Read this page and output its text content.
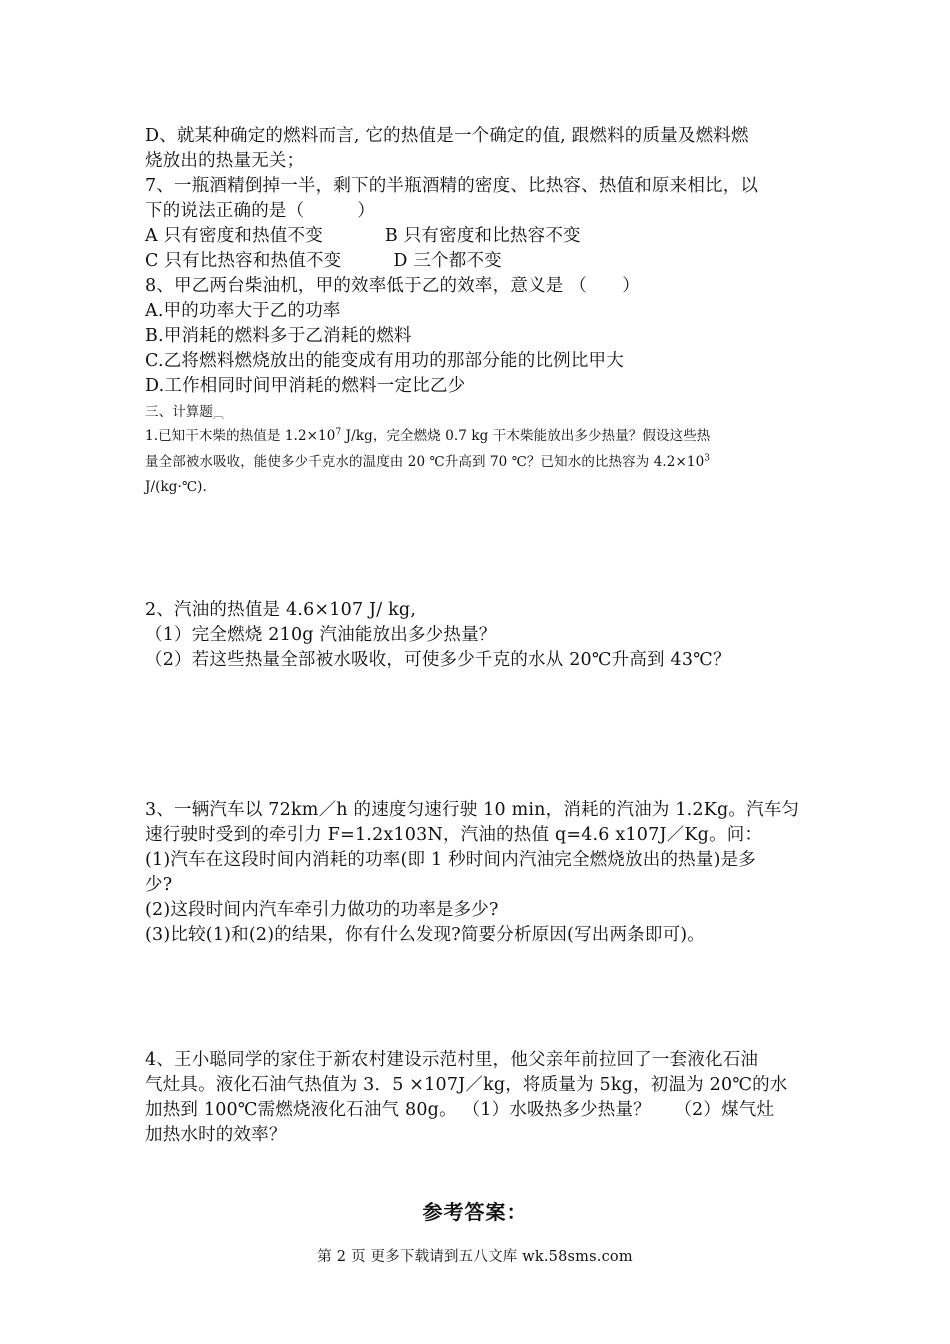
D、就某种确定的燃料而言, 它的热值是一个确定的值, 跟燃料的质量及燃料燃
烧放出的热量无关；
7、一瓶酒精倒掉一半，剩下的半瓶酒精的密度、比热容、热值和原来相比，以
下的说法正确的是（　　　）
A 只有密度和热值不变	B 只有密度和比热容不变
C 只有比热容和热值不变	D 三个都不变
8、甲乙两台柴油机，甲的效率低于乙的效率，意义是 （　　）
A.甲的功率大于乙的功率
B.甲消耗的燃料多于乙消耗的燃料
C.乙将燃料燃烧放出的能变成有用功的那部分能的比例比甲大
D.工作相同时间甲消耗的燃料一定比乙少
三、计算题︹
1.已知干木柴的热值是 $1.2\times 10^7$ J/kg，完全燃烧 0.7 kg 干木柴能放出多少热量？假设这些热
量全部被水吸收，能使多少千克水的温度由 20 ℃升高到 70 ℃？已知水的比热容为 $4.2\times 10^3$
J/(kg·℃).
2、汽油的热值是 4.6×107 J/ kg,
（1）完全燃烧 210g 汽油能放出多少热量？
（2）若这些热量全部被水吸收，可使多少千克的水从 20℃升高到 43℃？
3、一辆汽车以 72km／h 的速度匀速行驶 10 min，消耗的汽油为 1.2Kg。汽车匀
速行驶时受到的牵引力 F=1.2x103N，汽油的热值 q=4.6 x107J／Kg。问：
(1)汽车在这段时间内消耗的功率(即 1 秒时间内汽油完全燃烧放出的热量)是多
少?
(2)这段时间内汽车牵引力做功的功率是多少?
(3)比较(1)和(2)的结果，你有什么发现?简要分析原因(写出两条即可)。
4、王小聪同学的家住于新农村建设示范村里，他父亲年前拉回了一套液化石油
气灶具。液化石油气热值为 3．5 ×107J／kg，将质量为 5kg，初温为 20℃的水
加热到 100℃需燃烧液化石油气 80g。 （1）水吸热多少热量？　 （2）煤气灶
加热水时的效率？
参考答案：
第 2 页 更多下载请到五八文库 wk.58sms.com
